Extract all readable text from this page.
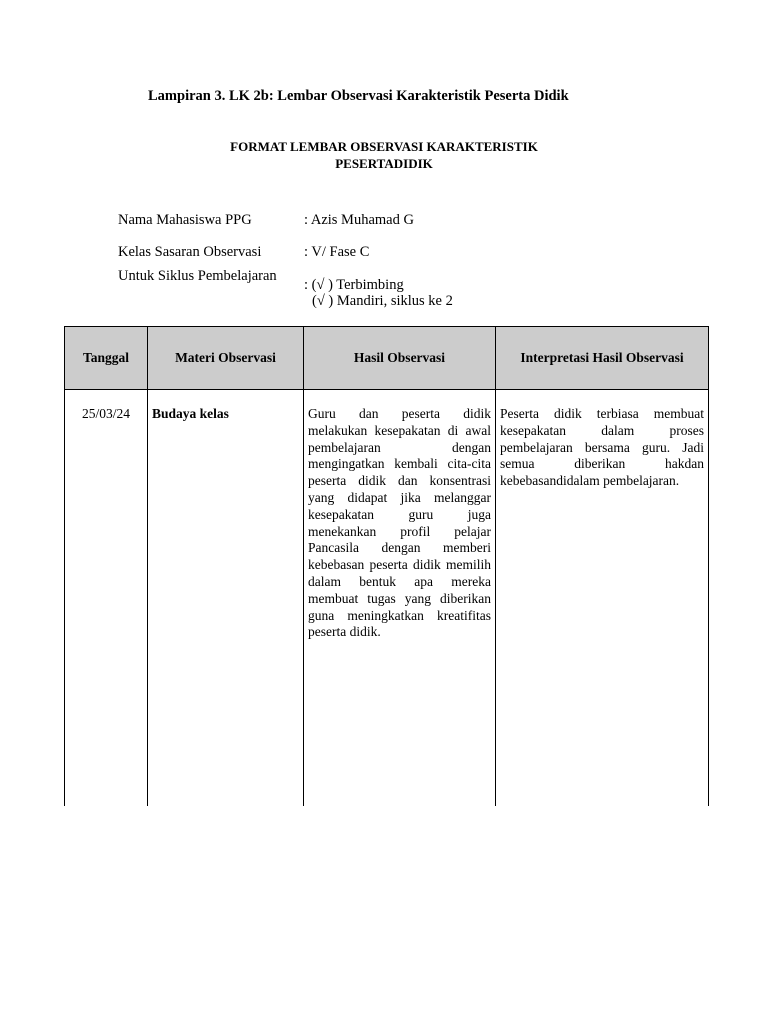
Lampiran 3. LK 2b: Lembar Observasi Karakteristik Peserta Didik
FORMAT LEMBAR OBSERVASI KARAKTERISTIK
PESERTADIDIK
Nama Mahasiswa PPG	: Azis Muhamad G
Kelas Sasaran Observasi	: V/ Fase C
Untuk Siklus Pembelajaran
: (√ ) Terbimbing
(√ ) Mandiri, siklus ke 2
Tanggal	Materi Observasi	Hasil Observasi	Interpretasi Hasil Observasi
25/03/24	Budaya kelas	Guru dan peserta didik melakukan kesepakatan di awal pembelajaran dengan mengingatkan kembali cita-cita peserta didik dan konsentrasi yang didapat jika melanggar kesepakatan guru juga menekankan profil pelajar Pancasila dengan memberi kebebasan peserta didik memilih dalam bentuk apa mereka membuat tugas yang diberikan guna meningkatkan kreatifitas peserta didik.	Peserta didik terbiasa membuat kesepakatan dalam proses pembelajaran bersama guru. Jadi semua diberikan hakdan kebebasandidalam pembelajaran.
